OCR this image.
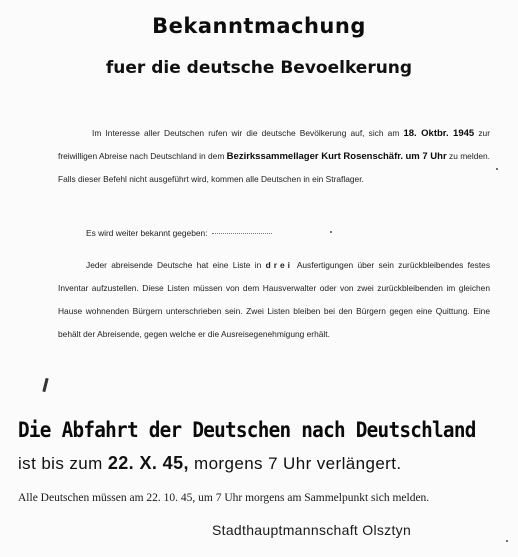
Bekanntmachung
fuer die deutsche Bevoelkerung
Im Interesse aller Deutschen rufen wir die deutsche Bevölkerung auf, sich am 18. Oktbr. 1945 zur freiwilligen Abreise nach Deutschland in dem Bezirkssammellager Kurt Rosenschäfr. um 7 Uhr zu melden. Falls dieser Befehl nicht ausgeführt wird, kommen alle Deutschen in ein Straflager.
Es wird weiter bekannt gegeben:
Jeder abreisende Deutsche hat eine Liste in drei Ausfertigungen über sein zurückbleibendes festes Inventar aufzustellen. Diese Listen müssen von dem Hausverwalter oder von zwei zurückbleibenden im gleichen Hause wohnenden Bürgern unterschrieben sein. Zwei Listen bleiben bei den Bürgern gegen eine Quittung. Eine behält der Abreisende, gegen welche er die Ausreisegenehmigung erhält.
Die Abfahrt der Deutschen nach Deutschland
ist bis zum 22. X. 45, morgens 7 Uhr verlängert.
Alle Deutschen müssen am 22. 10. 45, um 7 Uhr morgens am Sammelpunkt sich melden.
Stadthauptmannschaft Olsztyn
